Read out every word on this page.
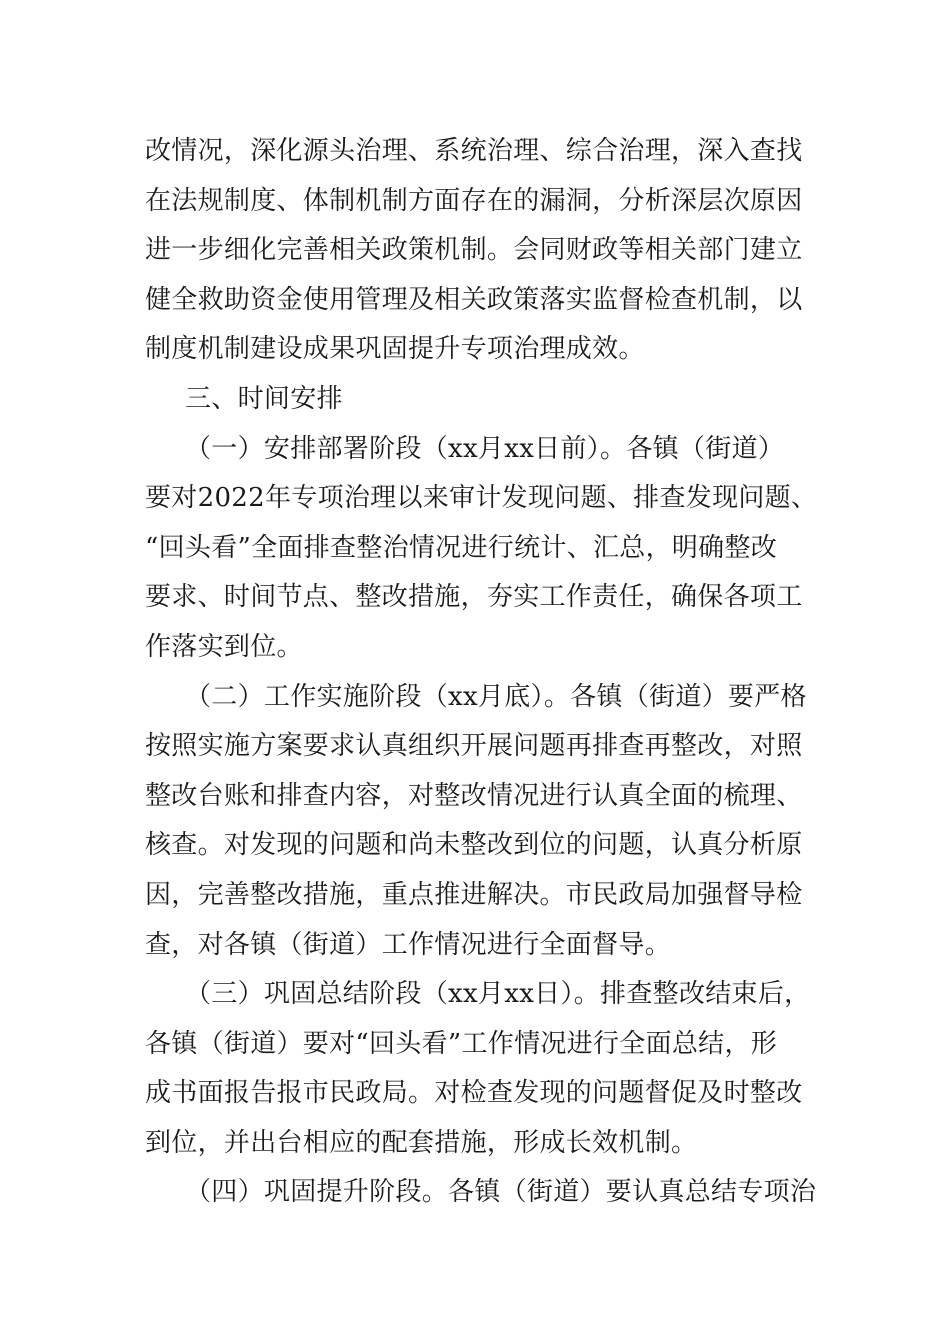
改情况，深化源头治理、系统治理、综合治理，深入查找
在法规制度、体制机制方面存在的漏洞，分析深层次原因
进一步细化完善相关政策机制。会同财政等相关部门建立
健全救助资金使用管理及相关政策落实监督检查机制，以
制度机制建设成果巩固提升专项治理成效。

三、时间安排

（一）安排部署阶段（xx月xx日前）。各镇（街道）
要对2022年专项治理以来审计发现问题、排查发现问题、
“回头看”全面排查整治情况进行统计、汇总，明确整改
要求、时间节点、整改措施，夯实工作责任，确保各项工
作落实到位。

（二）工作实施阶段（xx月底）。各镇（街道）要严格
按照实施方案要求认真组织开展问题再排查再整改，对照
整改台账和排查内容，对整改情况进行认真全面的梳理、
核查。对发现的问题和尚未整改到位的问题，认真分析原
因，完善整改措施，重点推进解决。市民政局加强督导检
查，对各镇（街道）工作情况进行全面督导。

（三）巩固总结阶段（xx月xx日）。排查整改结束后，
各镇（街道）要对“回头看”工作情况进行全面总结，形
成书面报告报市民政局。对检查发现的问题督促及时整改
到位，并出台相应的配套措施，形成长效机制。

（四）巩固提升阶段。各镇（街道）要认真总结专项治
